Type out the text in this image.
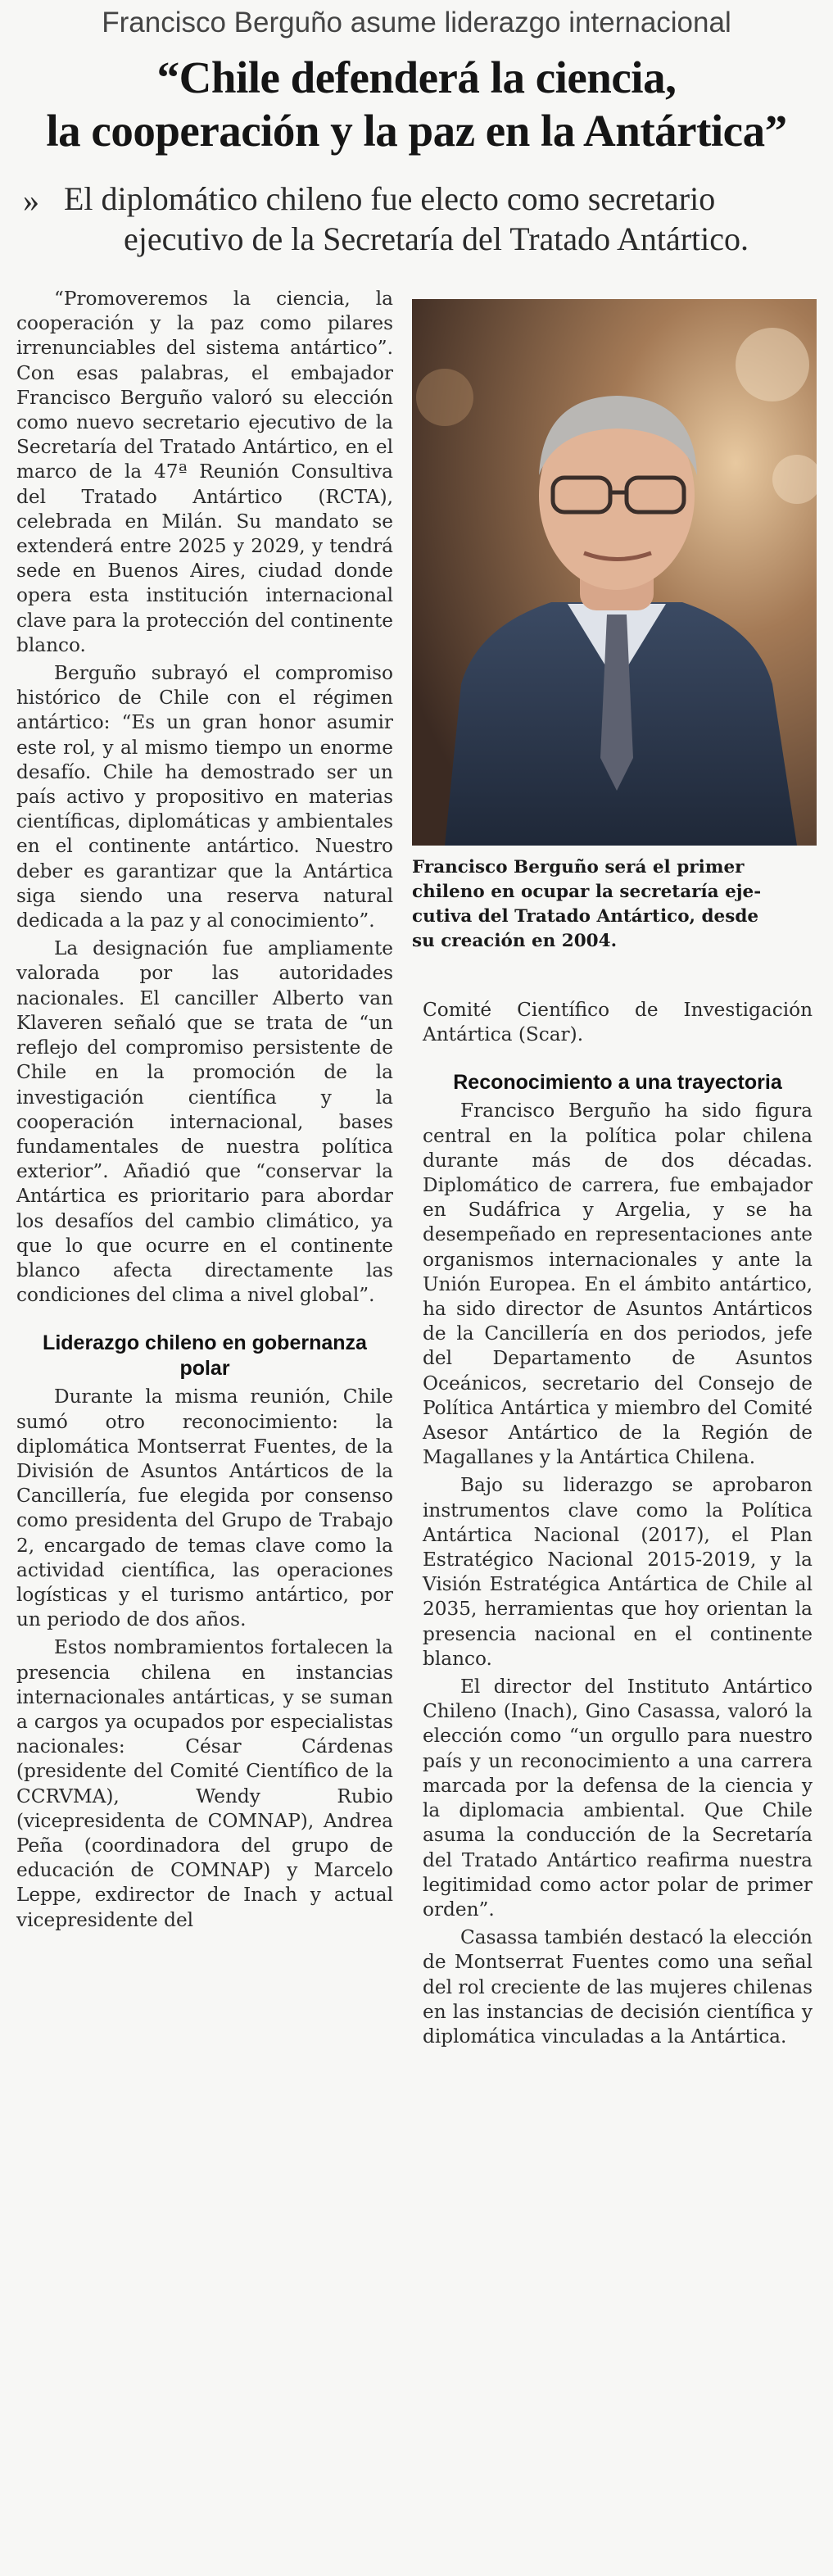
Francisco Berguño asume liderazgo internacional
“Chile defenderá la ciencia,
la cooperación y la paz en la Antártica”
» El diplomático chileno fue electo como secretario
ejecutivo de la Secretaría del Tratado Antártico.

“Promoveremos la ciencia, la cooperación y la paz como pilares irrenunciables del sistema antártico”. Con esas palabras, el embajador Francisco Berguño valoró su elección como nuevo secretario ejecutivo de la Secretaría del Tratado Antártico, en el marco de la 47ª Reunión Consultiva del Tratado Antártico (RCTA), celebrada en Milán. Su mandato se extenderá entre 2025 y 2029, y tendrá sede en Buenos Aires, ciudad donde opera esta institución internacional clave para la protección del continente blanco.

Berguño subrayó el compromiso histórico de Chile con el régimen antártico: “Es un gran honor asumir este rol, y al mismo tiempo un enorme desafío. Chile ha demostrado ser un país activo y propositivo en materias científicas, diplomáticas y ambientales en el continente antártico. Nuestro deber es garantizar que la Antártica siga siendo una reserva natural dedicada a la paz y al conocimiento”.

La designación fue ampliamente valorada por las autoridades nacionales. El canciller Alberto van Klaveren señaló que se trata de “un reflejo del compromiso persistente de Chile en la promoción de la investigación científica y la cooperación internacional, bases fundamentales de nuestra política exterior”. Añadió que “conservar la Antártica es prioritario para abordar los desafíos del cambio climático, ya que lo que ocurre en el continente blanco afecta directamente las condiciones del clima a nivel global”.

Liderazgo chileno en gobernanza polar

Durante la misma reunión, Chile sumó otro reconocimiento: la diplomática Montserrat Fuentes, de la División de Asuntos Antárticos de la Cancillería, fue elegida por consenso como presidenta del Grupo de Trabajo 2, encargado de temas clave como la actividad científica, las operaciones logísticas y el turismo antártico, por un periodo de dos años.

Estos nombramientos fortalecen la presencia chilena en instancias internacionales antárticas, y se suman a cargos ya ocupados por especialistas nacionales: César Cárdenas (presidente del Comité Científico de la CCRVMA), Wendy Rubio (vicepresidenta de COMNAP), Andrea Peña (coordinadora del grupo de educación de COMNAP) y Marcelo Leppe, exdirector de Inach y actual vicepresidente del

Francisco Berguño será el primer
chileno en ocupar la secretaría eje-
cutiva del Tratado Antártico, desde
su creación en 2004.

Comité Científico de Investigación Antártica (Scar).

Reconocimiento a una trayectoria

Francisco Berguño ha sido figura central en la política polar chilena durante más de dos décadas. Diplomático de carrera, fue embajador en Sudáfrica y Argelia, y se ha desempeñado en representaciones ante organismos internacionales y ante la Unión Europea. En el ámbito antártico, ha sido director de Asuntos Antárticos de la Cancillería en dos periodos, jefe del Departamento de Asuntos Oceánicos, secretario del Consejo de Política Antártica y miembro del Comité Asesor Antártico de la Región de Magallanes y la Antártica Chilena.

Bajo su liderazgo se aprobaron instrumentos clave como la Política Antártica Nacional (2017), el Plan Estratégico Nacional 2015-2019, y la Visión Estratégica Antártica de Chile al 2035, herramientas que hoy orientan la presencia nacional en el continente blanco.

El director del Instituto Antártico Chileno (Inach), Gino Casassa, valoró la elección como “un orgullo para nuestro país y un reconocimiento a una carrera marcada por la defensa de la ciencia y la diplomacia ambiental. Que Chile asuma la conducción de la Secretaría del Tratado Antártico reafirma nuestra legitimidad como actor polar de primer orden”.

Casassa también destacó la elección de Montserrat Fuentes como una señal del rol creciente de las mujeres chilenas en las instancias de decisión científica y diplomática vinculadas a la Antártica.
